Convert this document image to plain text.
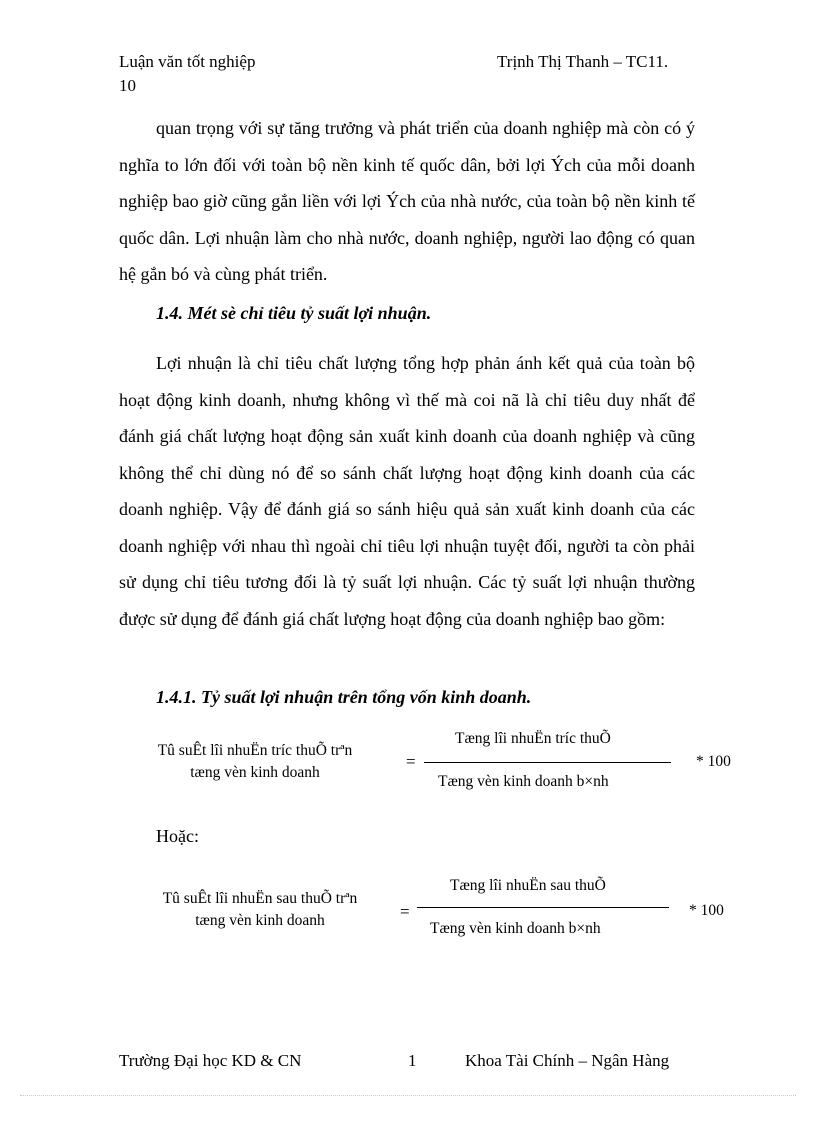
Luận văn tốt nghiệp	Trịnh Thị Thanh – TC11.
10
quan trọng với sự tăng trưởng và phát triển của doanh nghiệp mà còn có ý nghĩa to lớn đối với toàn bộ nền kinh tế quốc dân, bởi lợi Ých của mỗi doanh nghiệp bao giờ cũng gắn liền với lợi Ých của nhà nước, của toàn bộ nền kinh tế quốc dân. Lợi nhuận làm cho nhà nước, doanh nghiệp, người lao động có quan hệ gắn bó và cùng phát triển.
1.4. Mét sè chỉ tiêu tỷ suất lợi nhuận.
Lợi nhuận là chỉ tiêu chất lượng tổng hợp phản ánh kết quả của toàn bộ hoạt động kinh doanh, nhưng không vì thế mà coi nã là chỉ tiêu duy nhất để đánh giá chất lượng hoạt động sản xuất kinh doanh của doanh nghiệp và cũng không thể chỉ dùng nó để so sánh chất lượng hoạt động kinh doanh của các doanh nghiệp. Vậy để đánh giá so sánh hiệu quả sản xuất kinh doanh của các doanh nghiệp với nhau thì ngoài chỉ tiêu lợi nhuận tuyệt đối, người ta còn phải sử dụng chỉ tiêu tương đối là tỷ suất lợi nhuận. Các tỷ suất lợi nhuận thường được sử dụng để đánh giá chất lượng hoạt động của doanh nghiệp bao gồm:
1.4.1. Tỷ suất lợi nhuận trên tổng vốn kinh doanh.
Tû suÊt lîi nhuËn tríc thuÕ trªn
tæng vèn kinh doanh
=
Tæng lîi nhuËn tríc thuÕ
Tæng vèn kinh doanh b×nh
* 100
Hoặc:
Tû suÊt lîi nhuËn sau thuÕ trªn
tæng vèn kinh doanh	=
Tæng lîi nhuËn sau thuÕ
Tæng vèn kinh doanh b×nh
* 100
Trường Đại học KD & CN	1	Khoa Tài Chính – Ngân Hàng
